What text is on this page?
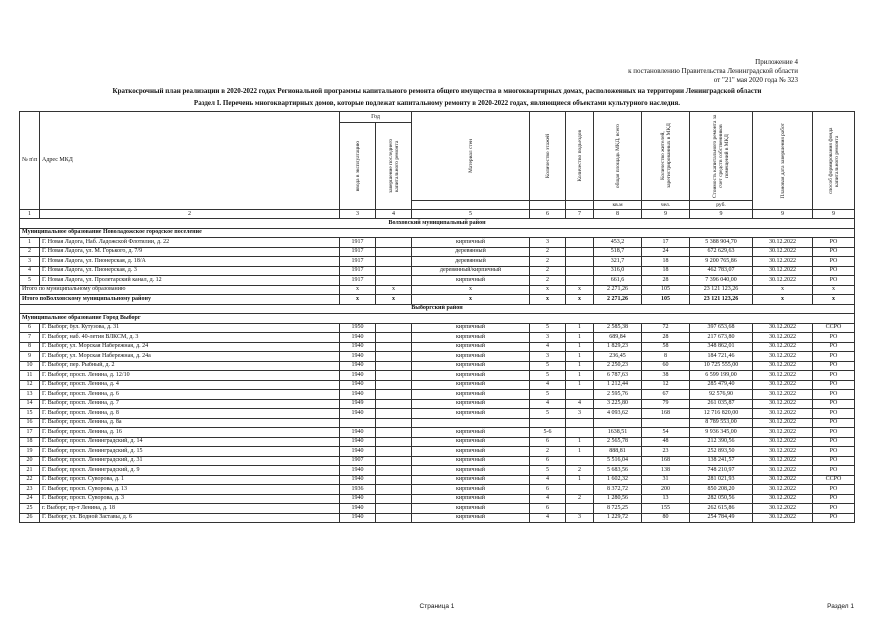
Приложение 4
к постановлению Правительства Ленинградской области
от "21" мая 2020 года № 323
Краткосрочный план реализации в 2020-2022 годах Региональной программы капитального ремонта общего имущества в многоквартирных домах, расположенных на территории Ленинградской области
Раздел I. Перечень многоквартирных домов, которые подлежат капитальному ремонту в 2020-2022 годах, являющиеся объектами культурного наследия.
№ п\п	Адрес МКД	Год		Материал стен	Количество этажей	Количество подъездов	общая площадь МКД, всего	Количество жителей, зарегистрированных в МКД	Стоимость капитального ремонта за счет средств собственников помещений в МКД	Плановая дата завершения работ	способ формирования фонда капитального ремонта

		ввода в эксплуатацию	завершение последнего капитального ремонта								

							кв.м	чел.	руб.		
1	2	3	4	5	6	7	8	9	9	9	9
Волховский муниципальный район											
Муниципальное образование Новоладожское городское поселение											
1	Г. Новая Ладога, Наб. Ладожской Флотилии, д. 22	1917		кирпичный	3		453,2	17	5 388 904,70	30.12.2022	РО
2	Г. Новая Ладога, ул. М. Горького, д. 7/9	1917		деревянный	2		518,7	24	672 629,63	30.12.2022	РО
3	Г. Новая Ладога, ул. Пионерская, д. 18/А	1917		деревянный	2		321,7	18	9 200 765,86	30.12.2022	РО
4	Г. Новая Ладога, ул. Пионерская, д. 3	1917		деревянный/кирпичный	2		316,0	18	462 783,07	30.12.2022	РО
5	Г. Новая Ладога, ул. Пролетарский канал, д. 12	1917		кирпичный	2		661,6	28	7 396 040,00	30.12.2022	РО
Итого по муниципальному образованию		х	х	х	х	х	2 271,26	105	23 121 123,26	х	х
Итого поВолховскому муниципальному району		х	х	х	х	х	2 271,26	105	23 121 123,26	х	х
Выборгский район											
Муниципальное образование Город Выборг											
6	Г. Выборг, бул. Кутузова, д. 31	1950		кирпичный	5	1	2 585,38	72	397 653,68	30.12.2022	ССРО
7	Г. Выборг, наб. 40-летия ВЛКСМ, д. 3	1940		кирпичный	3	1	689,84	28	217 673,80	30.12.2022	РО
8	Г. Выборг, ул. Морская Набережная, д. 24	1940		кирпичный	4	1	1 829,23	58	348 862,01	30.12.2022	РО
9	Г. Выборг, ул. Морская Набережная, д. 24а	1940		кирпичный	3	1	236,45	8	184 721,46	30.12.2022	РО
10	Г. Выборг, пер. Рыбный, д. 2	1940		кирпичный	5	1	2 250,23	60	10 725 555,00	30.12.2022	РО
11	Г. Выборг, просп. Ленина, д. 12/10	1940		кирпичный	5	1	6 787,63	38	6 599 199,00	30.12.2022	РО
12	Г. Выборг, просп. Ленина, д. 4	1940		кирпичный	4	1	1 212,44	12	285 479,40	30.12.2022	РО
13	Г. Выборг, просп. Ленина, д. 6	1940		кирпичный	5		2 595,76	67	92 576,90	30.12.2022	РО
14	Г. Выборг, просп. Ленина, д. 7	1949		кирпичный	4	4	3 225,80	79	261 035,87	30.12.2022	РО
15	Г. Выборг, просп. Ленина, д. 8	1940		кирпичный	5	3	4 093,62	168	12 716 820,00	30.12.2022	РО
16	Г. Выборг, просп. Ленина, д. 8а								8 789 553,00	30.12.2022	РО
17	Г. Выборг, просп. Ленина, д. 16	1940		кирпичный	5-6		1638,51	54	9 936 345,00	30.12.2022	РО
18	Г. Выборг, просп. Ленинградский, д. 14	1940		кирпичный	6	1	2 565,78	48	212 390,56	30.12.2022	РО
19	Г. Выборг, просп. Ленинградский, д. 15	1940		кирпичный	2	1	888,81	23	252 893,50	30.12.2022	РО
20	Г. Выборг, просп. Ленинградский, д. 31	1907		кирпичный	6		5 516,04	168	138 241,57	30.12.2022	РО
21	Г. Выборг, просп. Ленинградский, д. 9	1940		кирпичный	5	2	5 683,56	138	748 210,97	30.12.2022	РО
22	Г. Выборг, просп. Суворова, д. 1	1940		кирпичный	4	1	1 602,32	31	281 021,93	30.12.2022	СCРО
23	Г. Выборг, просп. Суворова, д. 13	1936		кирпичный	6		8 372,72	200	850 208,20	30.12.2022	РО
24	Г. Выборг, просп. Суворова, д. 3	1940		кирпичный	4	2	1 280,56	13	282 050,56	30.12.2022	РО
25	г. Выборг, пр-т Ленина, д. 18	1940		кирпичный	6		8 725,25	155	262 615,86	30.12.2022	РО
26	Г. Выборг, ул. Водной Заставы, д. 6	1940		кирпичный	4	3	1 229,72	80	254 784,49	30.12.2022	РО
Страница 1	Раздел 1
